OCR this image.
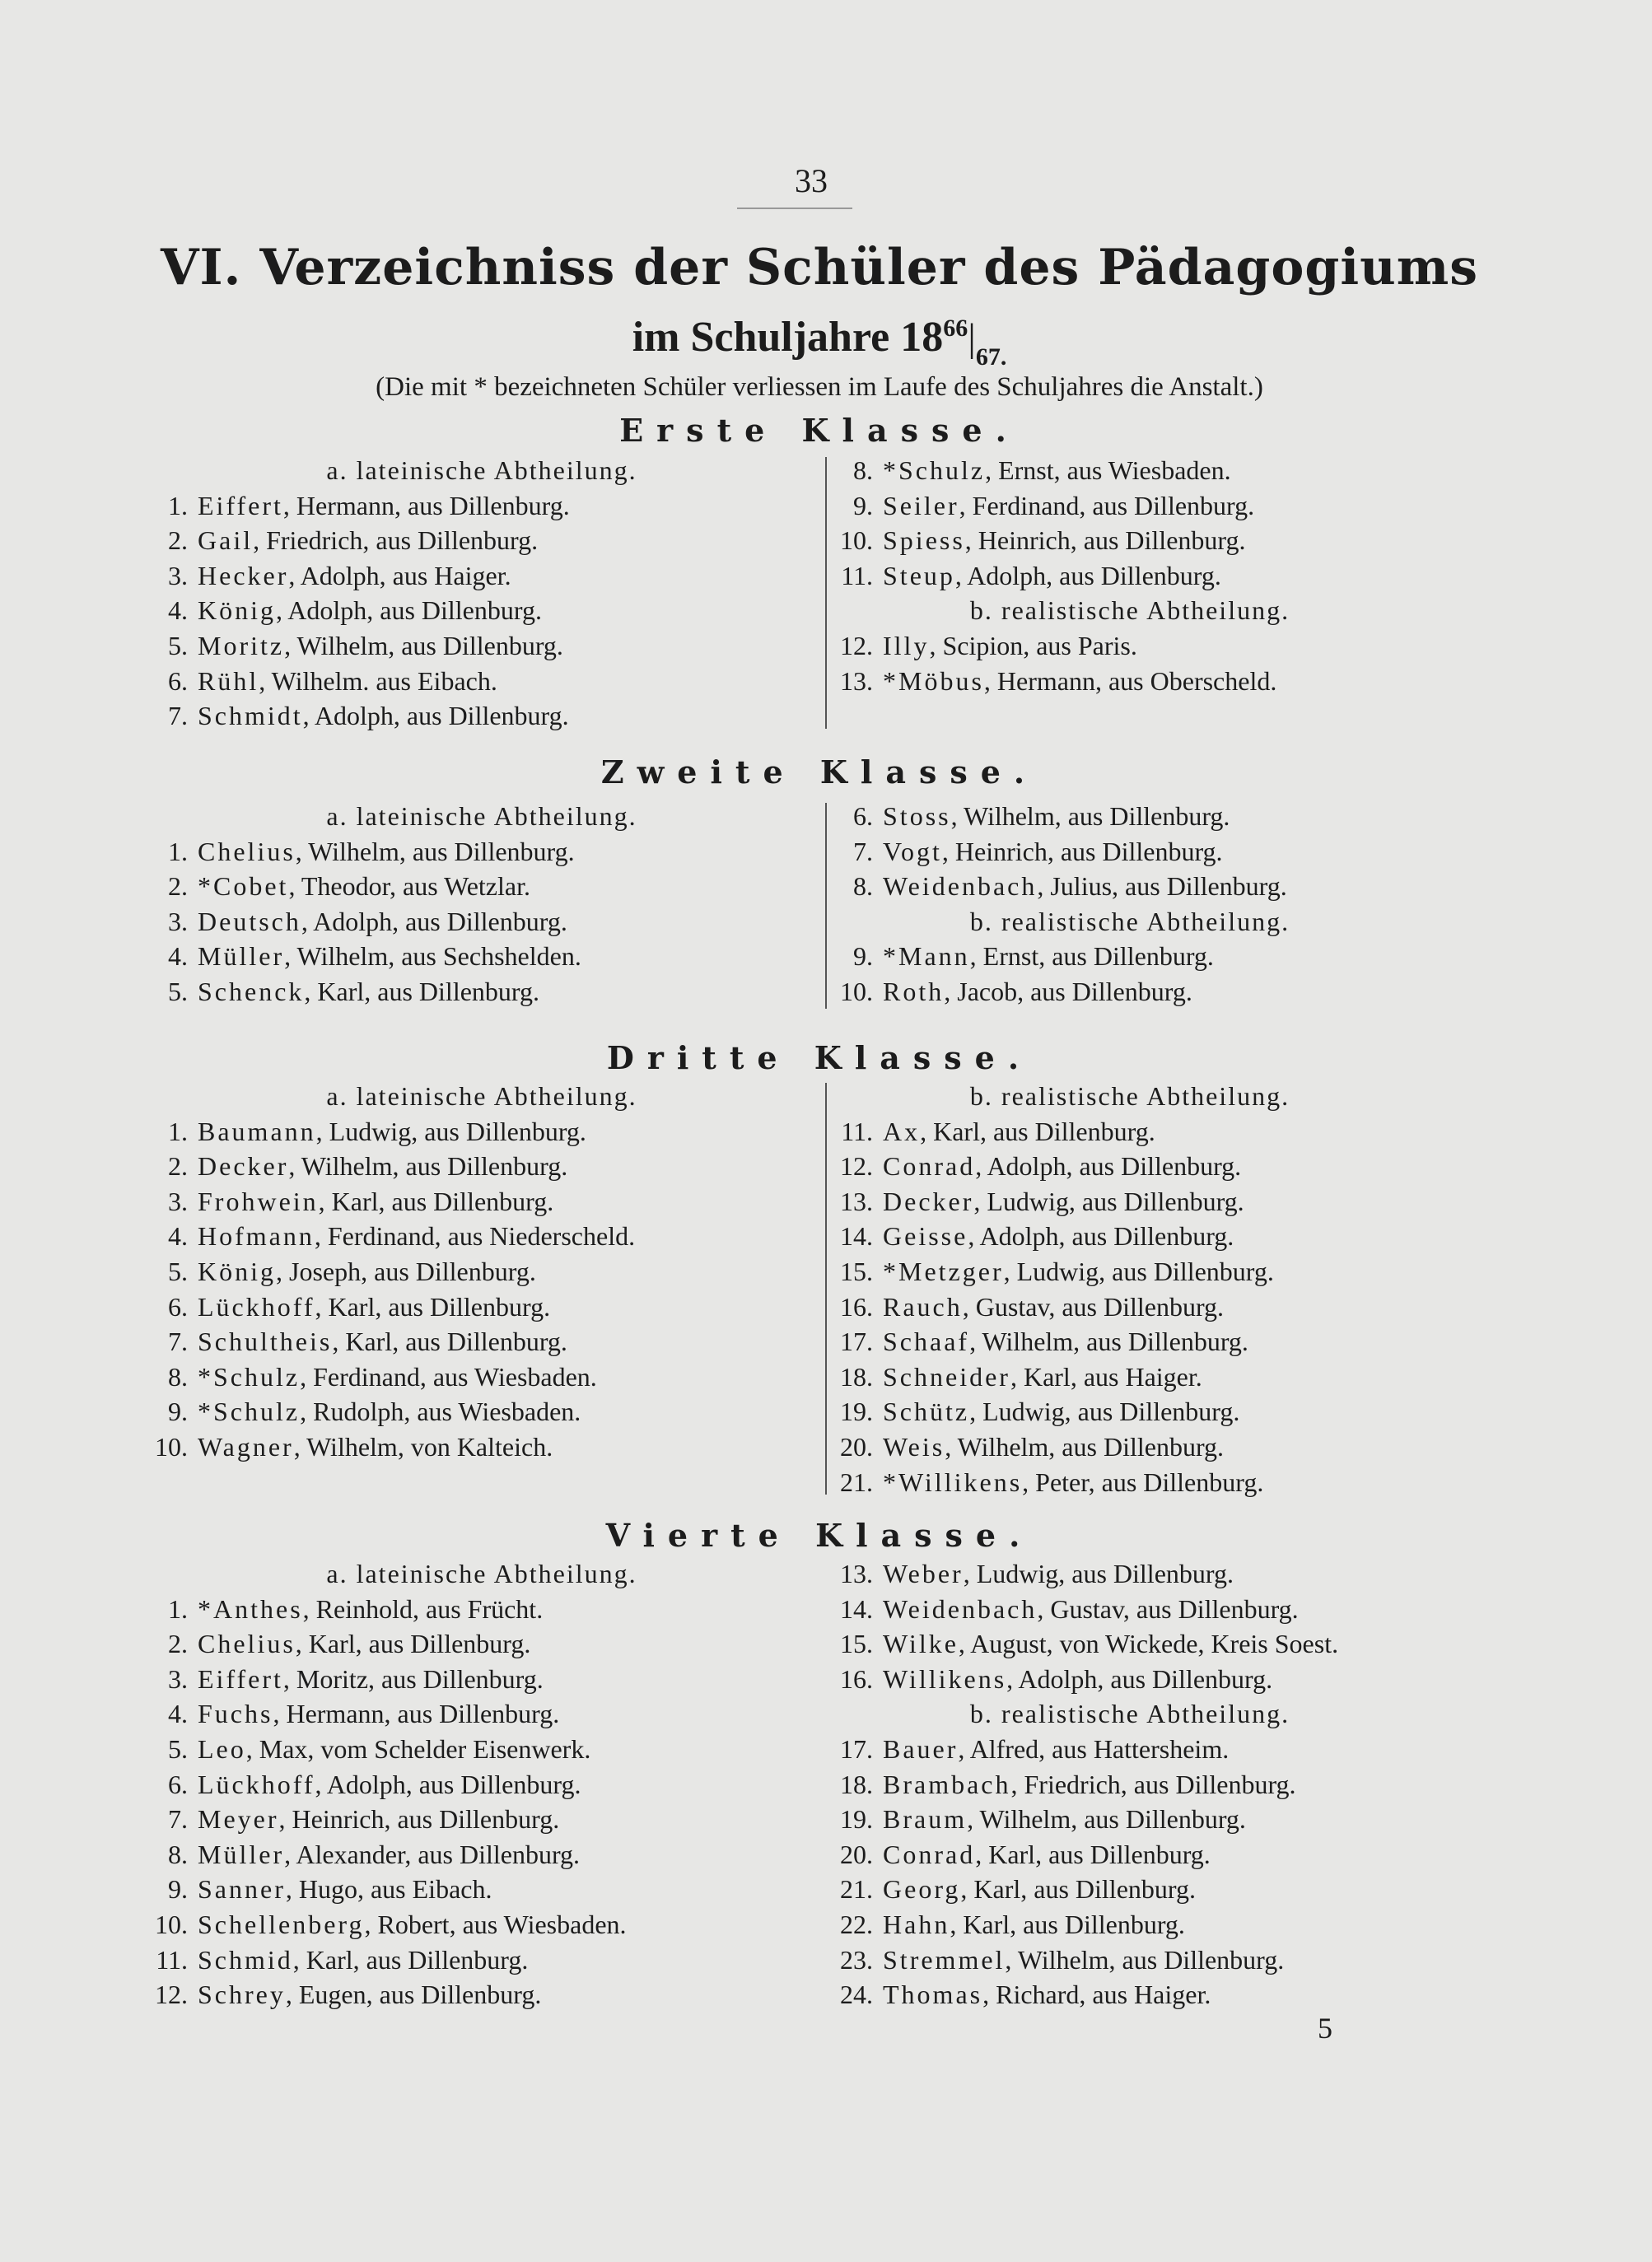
33
VI. Verzeichniss der Schüler des Pädagogiums
im Schuljahre $18^{66}|_{67.}$
(Die mit * bezeichneten Schüler verliessen im Laufe des Schuljahres die Anstalt.)
Erste Klasse.
a. lateinische Abtheilung.
1. Eiffert, Hermann, aus Dillenburg.
2. Gail, Friedrich, aus Dillenburg.
3. Hecker, Adolph, aus Haiger.
4. König, Adolph, aus Dillenburg.
5. Moritz, Wilhelm, aus Dillenburg.
6. Rühl, Wilhelm. aus Eibach.
7. Schmidt, Adolph, aus Dillenburg.
8. *Schulz, Ernst, aus Wiesbaden.
9. Seiler, Ferdinand, aus Dillenburg.
10. Spiess, Heinrich, aus Dillenburg.
11. Steup, Adolph, aus Dillenburg.
b. realistische Abtheilung.
12. Illy, Scipion, aus Paris.
13. *Möbus, Hermann, aus Oberscheld.
Zweite Klasse.
a. lateinische Abtheilung.
1. Chelius, Wilhelm, aus Dillenburg.
2. *Cobet, Theodor, aus Wetzlar.
3. Deutsch, Adolph, aus Dillenburg.
4. Müller, Wilhelm, aus Sechshelden.
5. Schenck, Karl, aus Dillenburg.
6. Stoss, Wilhelm, aus Dillenburg.
7. Vogt, Heinrich, aus Dillenburg.
8. Weidenbach, Julius, aus Dillenburg.
b. realistische Abtheilung.
9. *Mann, Ernst, aus Dillenburg.
10. Roth, Jacob, aus Dillenburg.
Dritte Klasse.
a. lateinische Abtheilung.
1. Baumann, Ludwig, aus Dillenburg.
2. Decker, Wilhelm, aus Dillenburg.
3. Frohwein, Karl, aus Dillenburg.
4. Hofmann, Ferdinand, aus Niederscheld.
5. König, Joseph, aus Dillenburg.
6. Lückhoff, Karl, aus Dillenburg.
7. Schultheis, Karl, aus Dillenburg.
8. *Schulz, Ferdinand, aus Wiesbaden.
9. *Schulz, Rudolph, aus Wiesbaden.
10. Wagner, Wilhelm, von Kalteich.
b. realistische Abtheilung.
11. Ax, Karl, aus Dillenburg.
12. Conrad, Adolph, aus Dillenburg.
13. Decker, Ludwig, aus Dillenburg.
14. Geisse, Adolph, aus Dillenburg.
15. *Metzger, Ludwig, aus Dillenburg.
16. Rauch, Gustav, aus Dillenburg.
17. Schaaf, Wilhelm, aus Dillenburg.
18. Schneider, Karl, aus Haiger.
19. Schütz, Ludwig, aus Dillenburg.
20. Weis, Wilhelm, aus Dillenburg.
21. *Willikens, Peter, aus Dillenburg.
Vierte Klasse.
a. lateinische Abtheilung.
1. *Anthes, Reinhold, aus Frücht.
2. Chelius, Karl, aus Dillenburg.
3. Eiffert, Moritz, aus Dillenburg.
4. Fuchs, Hermann, aus Dillenburg.
5. Leo, Max, vom Schelder Eisenwerk.
6. Lückhoff, Adolph, aus Dillenburg.
7. Meyer, Heinrich, aus Dillenburg.
8. Müller, Alexander, aus Dillenburg.
9. Sanner, Hugo, aus Eibach.
10. Schellenberg, Robert, aus Wiesbaden.
11. Schmid, Karl, aus Dillenburg.
12. Schrey, Eugen, aus Dillenburg.
13. Weber, Ludwig, aus Dillenburg.
14. Weidenbach, Gustav, aus Dillenburg.
15. Wilke, August, von Wickede, Kreis Soest.
16. Willikens, Adolph, aus Dillenburg.
b. realistische Abtheilung.
17. Bauer, Alfred, aus Hattersheim.
18. Brambach, Friedrich, aus Dillenburg.
19. Braum, Wilhelm, aus Dillenburg.
20. Conrad, Karl, aus Dillenburg.
21. Georg, Karl, aus Dillenburg.
22. Hahn, Karl, aus Dillenburg.
23. Stremmel, Wilhelm, aus Dillenburg.
24. Thomas, Richard, aus Haiger.
5
